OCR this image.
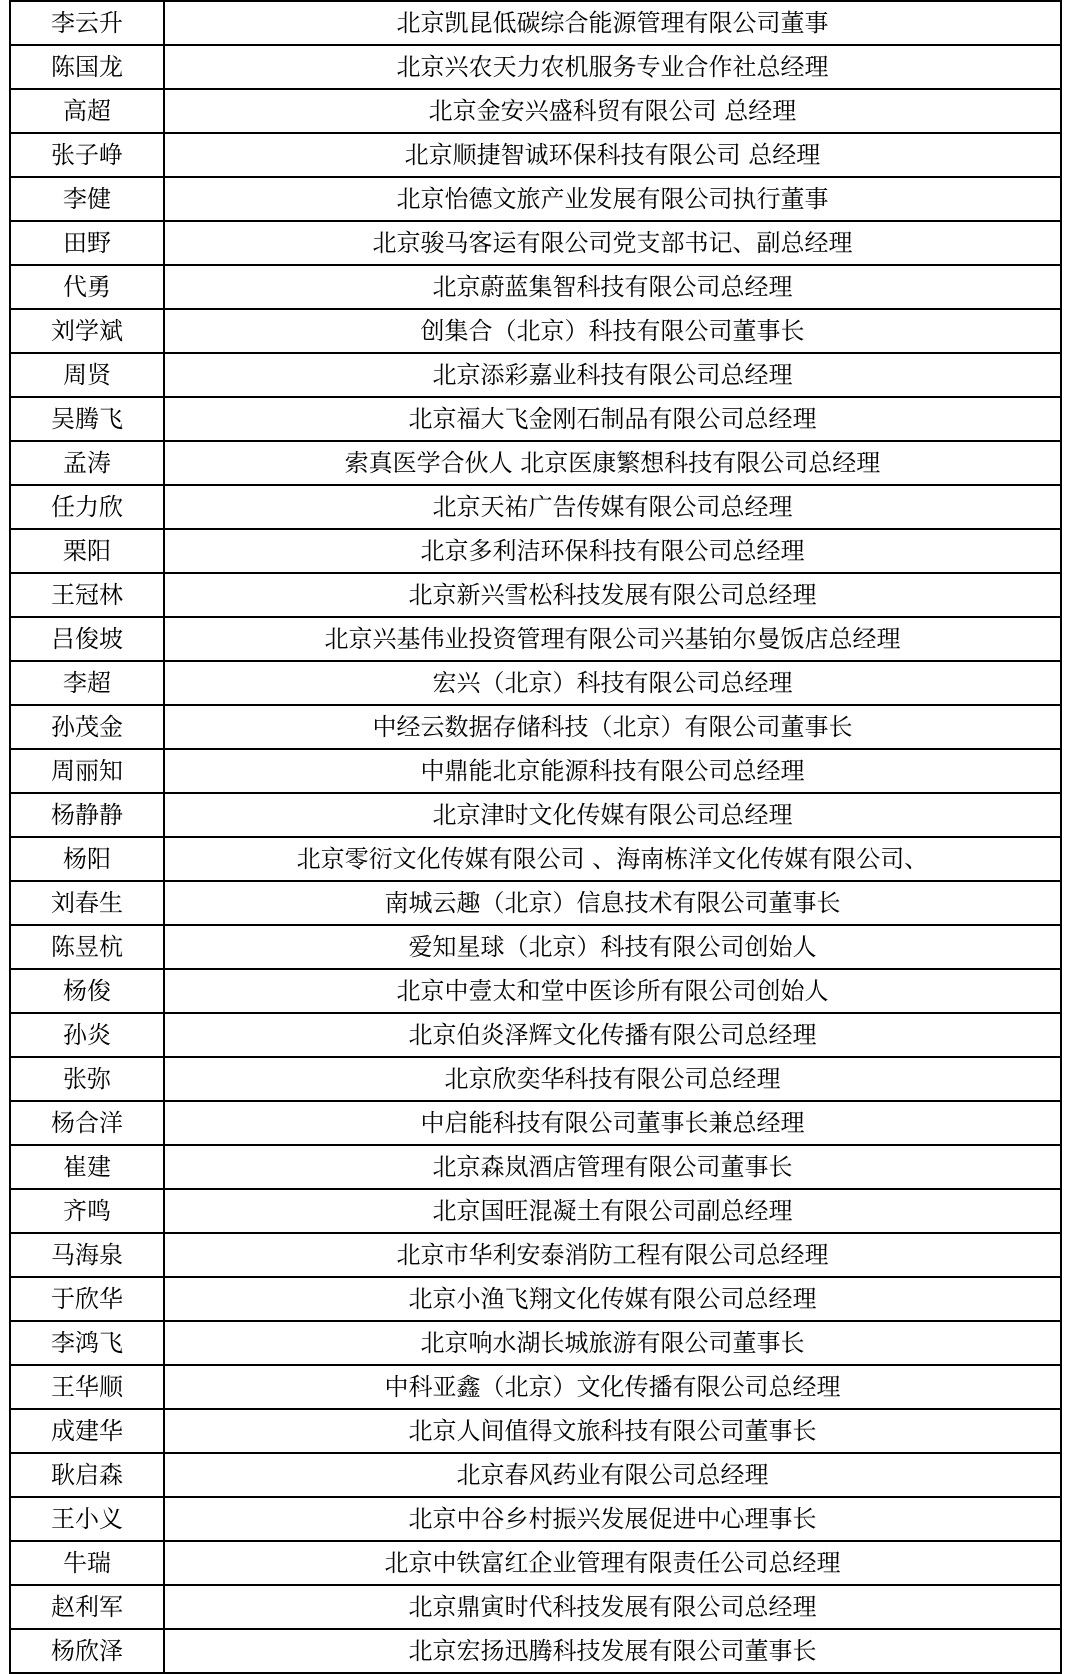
李云升	北京凯昆低碳综合能源管理有限公司董事
陈国龙	北京兴农天力农机服务专业合作社总经理
高超	北京金安兴盛科贸有限公司 总经理
张子峥	北京顺捷智诚环保科技有限公司 总经理
李健	北京怡德文旅产业发展有限公司执行董事
田野	北京骏马客运有限公司党支部书记、副总经理
代勇	北京蔚蓝集智科技有限公司总经理
刘学斌	创集合（北京）科技有限公司董事长
周贤	北京添彩嘉业科技有限公司总经理
吴腾飞	北京福大飞金刚石制品有限公司总经理
孟涛	索真医学合伙人 北京医康繁想科技有限公司总经理
任力欣	北京天祐广告传媒有限公司总经理
栗阳	北京多利洁环保科技有限公司总经理
王冠林	北京新兴雪松科技发展有限公司总经理
吕俊坡	北京兴基伟业投资管理有限公司兴基铂尔曼饭店总经理
李超	宏兴（北京）科技有限公司总经理
孙茂金	中经云数据存储科技（北京）有限公司董事长
周丽知	中鼎能北京能源科技有限公司总经理
杨静静	北京津时文化传媒有限公司总经理
杨阳	北京零衍文化传媒有限公司 、海南栋洋文化传媒有限公司、
刘春生	南城云趣（北京）信息技术有限公司董事长
陈昱杭	爱知星球（北京）科技有限公司创始人
杨俊	北京中壹太和堂中医诊所有限公司创始人
孙炎	北京伯炎泽辉文化传播有限公司总经理
张弥	北京欣奕华科技有限公司总经理
杨合洋	中启能科技有限公司董事长兼总经理
崔建	北京森岚酒店管理有限公司董事长
齐鸣	北京国旺混凝土有限公司副总经理
马海泉	北京市华利安泰消防工程有限公司总经理
于欣华	北京小渔飞翔文化传媒有限公司总经理
李鸿飞	北京响水湖长城旅游有限公司董事长
王华顺	中科亚鑫（北京）文化传播有限公司总经理
成建华	北京人间值得文旅科技有限公司董事长
耿启森	北京春风药业有限公司总经理
王小义	北京中谷乡村振兴发展促进中心理事长
牛瑞	北京中铁富红企业管理有限责任公司总经理
赵利军	北京鼎寅时代科技发展有限公司总经理
杨欣泽	北京宏扬迅腾科技发展有限公司董事长
